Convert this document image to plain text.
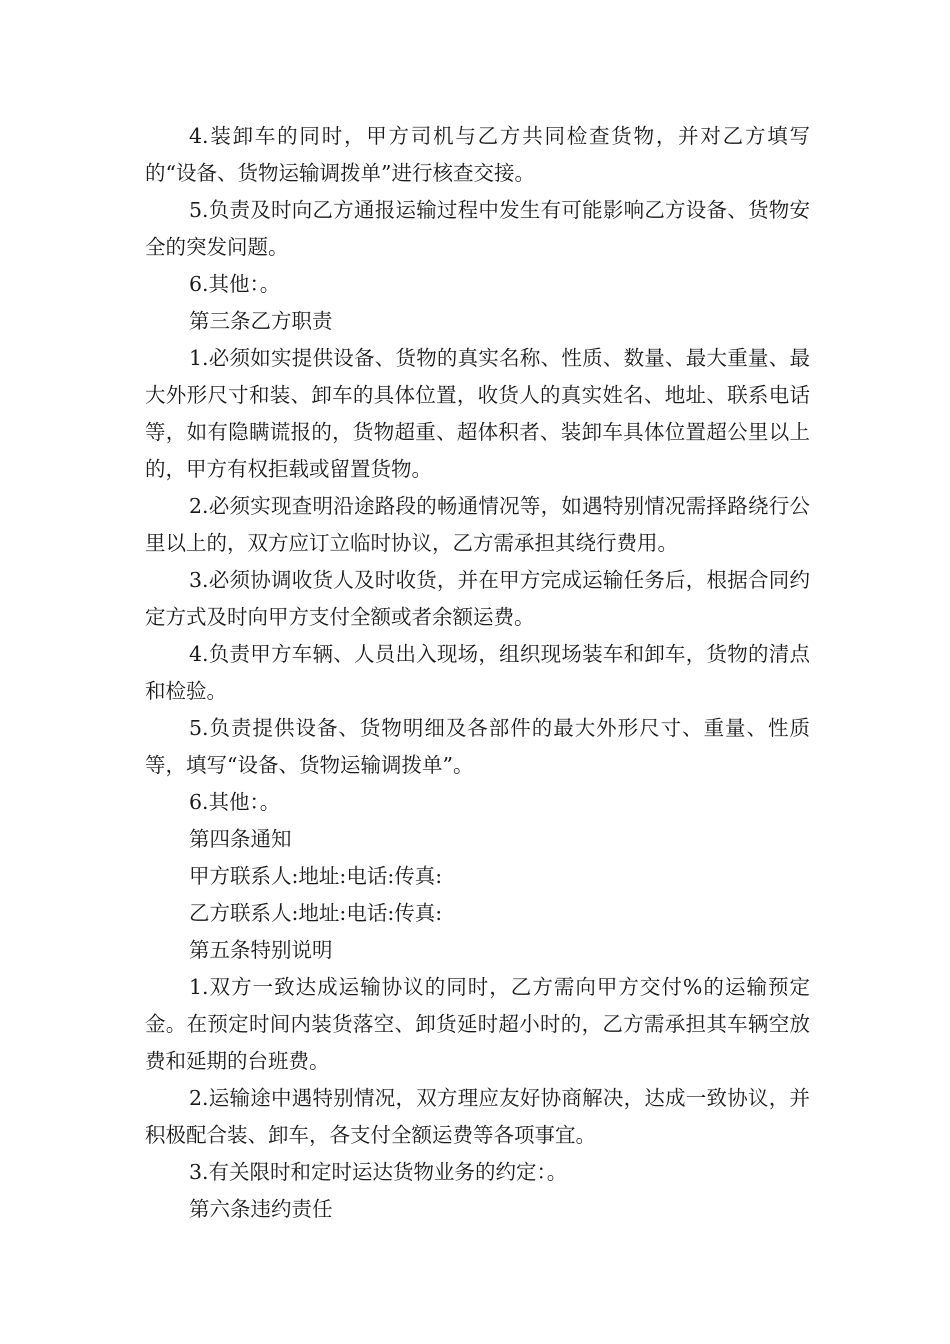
4.装卸车的同时，甲方司机与乙方共同检查货物，并对乙方填写的“设备、货物运输调拨单”进行核查交接。

5.负责及时向乙方通报运输过程中发生有可能影响乙方设备、货物安全的突发问题。

6.其他：。

第三条乙方职责

1.必须如实提供设备、货物的真实名称、性质、数量、最大重量、最大外形尺寸和装、卸车的具体位置，收货人的真实姓名、地址、联系电话等，如有隐瞒谎报的，货物超重、超体积者、装卸车具体位置超公里以上的，甲方有权拒载或留置货物。

2.必须实现查明沿途路段的畅通情况等，如遇特别情况需择路绕行公里以上的，双方应订立临时协议，乙方需承担其绕行费用。

3.必须协调收货人及时收货，并在甲方完成运输任务后，根据合同约定方式及时向甲方支付全额或者余额运费。

4.负责甲方车辆、人员出入现场，组织现场装车和卸车，货物的清点和检验。

5.负责提供设备、货物明细及各部件的最大外形尺寸、重量、性质等，填写“设备、货物运输调拨单”。

6.其他：。

第四条通知

甲方联系人:地址:电话:传真:

乙方联系人:地址:电话:传真:

第五条特别说明

1.双方一致达成运输协议的同时，乙方需向甲方交付%的运输预定金。在预定时间内装货落空、卸货延时超小时的，乙方需承担其车辆空放费和延期的台班费。

2.运输途中遇特别情况，双方理应友好协商解决，达成一致协议，并积极配合装、卸车，各支付全额运费等各项事宜。

3.有关限时和定时运达货物业务的约定：。

第六条违约责任
